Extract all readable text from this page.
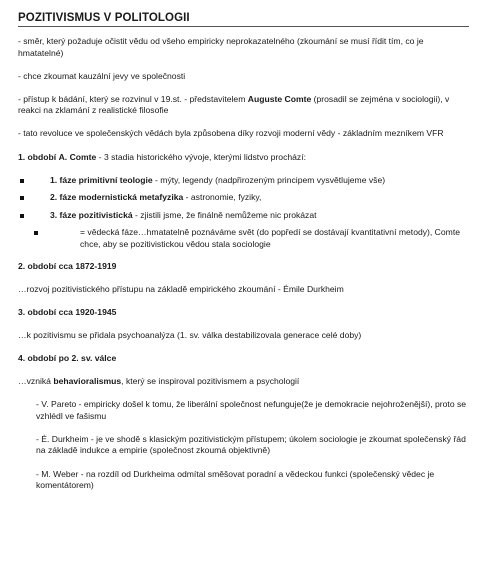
POZITIVISMUS V POLITOLOGII

- směr, který požaduje očistit vědu od všeho empiricky neprokazatelného (zkoumání se musí řídit tím, co je hmatatelné)

- chce zkoumat kauzální jevy ve společnosti

- přístup k bádání, který se rozvinul v 19.st. - představitelem Auguste Comte (prosadil se zejména v sociologii), v reakci na zklamání z realistické filosofie

- tato revoluce ve společenských vědách byla způsobena díky rozvoji moderní vědy - základním mezníkem VFR

1. období A. Comte - 3 stadia historického vývoje, kterými lidstvo prochází:

1. fáze primitivní teologie - mýty, legendy (nadpřirozeným principem vysvětlujeme vše)
2. fáze modernistická metafyzika - astronomie, fyziky,
3. fáze pozitivistická - zjistili jsme, že finálně nemůžeme nic prokázat
= vědecká fáze…hmatatelně poznáváme svět (do popředí se dostávají kvantitativní metody), Comte chce, aby se pozitivistickou vědou stala sociologie

2. období cca 1872-1919

…rozvoj pozitivistického přístupu na základě empirického zkoumání - Émile Durkheim

3. období cca 1920-1945

…k pozitivismu se přidala psychoanalýza (1. sv. válka destabilizovala generace celé doby)

4. období po 2. sv. válce

…vzniká behavioralismus, který se inspiroval pozitivismem a psychologií

- V. Pareto - empiricky došel k tomu, že liberální společnost nefunguje(že je demokracie nejohroženější), proto se vzhlédl ve fašismu

- É. Durkheim - je ve shodě s klasickým pozitivistickým přístupem; úkolem sociologie je zkoumat společenský řád na základě indukce a empirie (společnost zkoumá objektivně)

- M. Weber - na rozdíl od Durkheima odmítal směšovat poradní a vědeckou funkci (společenský vědec je komentátorem)
